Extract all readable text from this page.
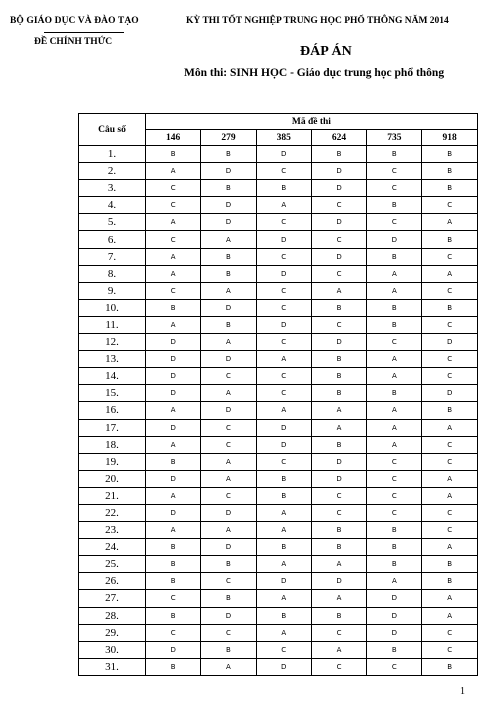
BỘ GIÁO DỤC VÀ ĐÀO TẠO
ĐỀ CHÍNH THỨC
KỲ THI TỐT NGHIỆP TRUNG HỌC PHỔ THÔNG NĂM 2014
ĐÁP ÁN
Môn thi: SINH HỌC - Giáo dục trung học phổ thông
Câu số	Mã đề thi					
	146	279	385	624	735	918
1.	B	B	D	B	B	B
2.	A	D	C	D	C	B
3.	C	B	B	D	C	B
4.	C	D	A	C	B	C
5.	A	D	C	D	C	A
6.	C	A	D	C	D	B
7.	A	B	C	D	B	C
8.	A	B	D	C	A	A
9.	C	A	C	A	A	C
10.	B	D	C	B	B	B
11.	A	B	D	C	B	C
12.	D	A	C	D	C	D
13.	D	D	A	B	A	C
14.	D	C	C	B	A	C
15.	D	A	C	B	B	D
16.	A	D	A	A	A	B
17.	D	C	D	A	A	A
18.	A	C	D	B	A	C
19.	B	A	C	D	C	C
20.	D	A	B	D	C	A
21.	A	C	B	C	C	A
22.	D	D	A	C	C	C
23.	A	A	A	B	B	C
24.	B	D	B	B	B	A
25.	B	B	A	A	B	B
26.	B	C	D	D	A	B
27.	C	B	A	A	D	A
28.	B	D	B	B	D	A
29.	C	C	A	C	D	C
30.	D	B	C	A	B	C
31.	B	A	D	C	C	B
1
